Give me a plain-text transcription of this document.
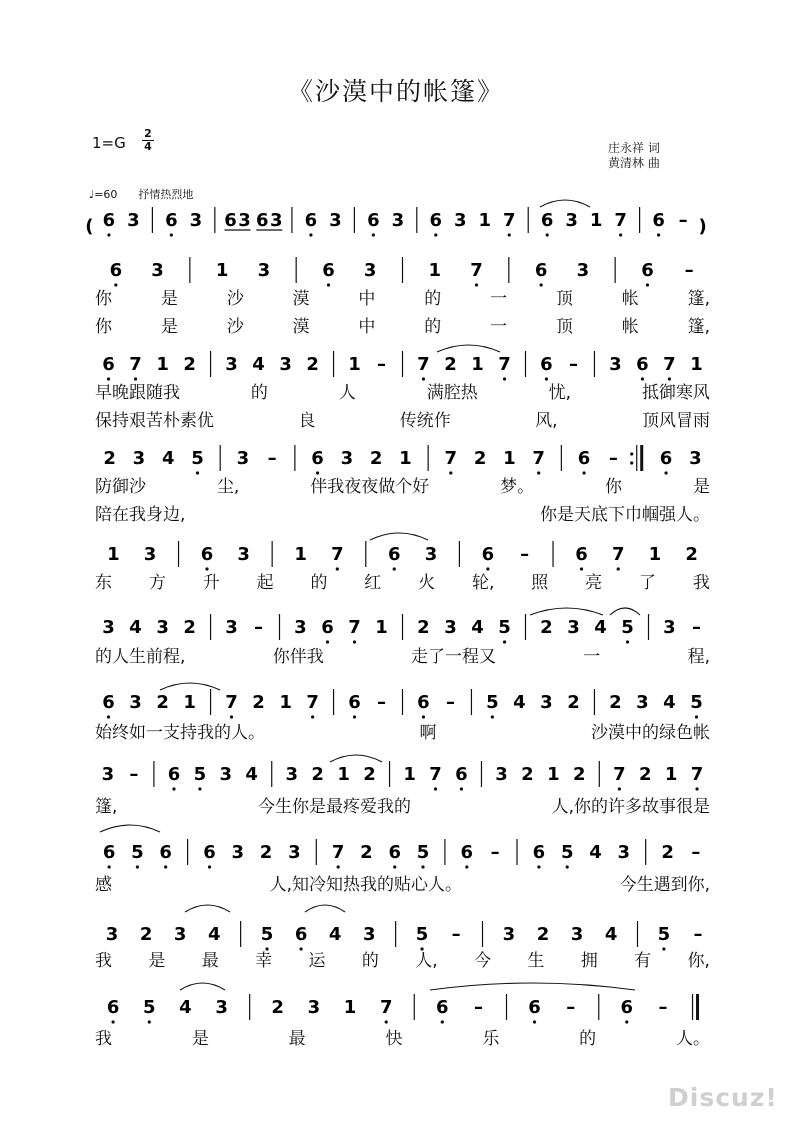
《沙漠中的帐篷》
$1=G \frac{2}{4}$	庄永祥 词
黄清林 曲
♩=60 抒情热烈地
( 6 3 6 3 6 3 6 3 6 3 6 3 6 3 1 7 6 3 1 7 6 – )
6 3	1 3	6 3	1 7	6 3	6 –
6 7 1 2 3 4 3 2 1 – 7 2 1 7 6 – 3 6 7 1
2 3 4 5 3 – 6 3 2 1 7 2 1 7 6 – 6 3
1 3 6 3 1 7 6 3 6 –	6 7 1 2
3 4 3 2 3 – 3 6 7 1 2 3 4 5 2 3 4 5 3 –
6 3 2 1 7 2 1 7 6 – 6 – 5 4 3 2 2 3 4 5
3 – 6 5 3 4 3 2 1 2 1 7 6 3 2 1 2 7 2 1 7
6 5 6 6 3 2 3 7 2 6 5 6 – 6 5 4 3 2 –
3 2 3 4 5 6 4 3 5 – 3 2 3 4 5 –
6 5 4 3 2 3 1 7 6 –	6 –	6 –
你	是	沙	漠	中	的	一	顶	帐	篷,
你	是	沙	漠	中	的	一	顶	帐	篷,
早晚跟随我	的	人	满腔热	忧,	抵御寒风
保持艰苦朴素优	良	传统作	风,	顶风冒雨
防御沙	尘,	伴我夜夜做个好	梦。	你	是
陪在我身边,	你是天底下巾帼强人。
东 方 升 起 的 红 火 轮, 照 亮 了 我
的人生前程,	你伴我	走了一程又	一	程,
始终如一支持我的人。	啊	沙漠中的绿色帐
篷,	今生你是最疼爱我的	人,你的许多故事很是
感	人,知冷知热我的贴心人。	今生遇到你,
我 是 最 幸 运 的 人, 今 生 拥 有 你,
我	是	最	快	乐	的	人。
Discuz!
